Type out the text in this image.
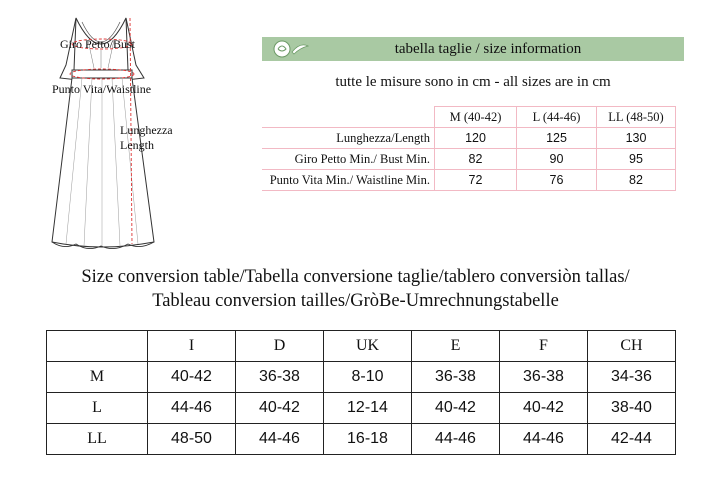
Giro Petto/Bust
Punto Vita/Waistline
Lunghezza
Length
tabella taglie / size information
tutte le misure sono in cm - all sizes are in cm
	M (40-42)	L (44-46)	LL (48-50)
Lunghezza/Length	120	125	130
Giro Petto Min./ Bust Min.	82	90	95
Punto Vita Min./ Waistline Min.	72	76	82
Size conversion table/Tabella conversione taglie/tablero conversiòn tallas/
Tableau conversion tailles/GròBe-Umrechnungstabelle
	I	D	UK	E	F	CH
M	40-42	36-38	8-10	36-38	36-38	34-36
L	44-46	40-42	12-14	40-42	40-42	38-40
LL	48-50	44-46	16-18	44-46	44-46	42-44
